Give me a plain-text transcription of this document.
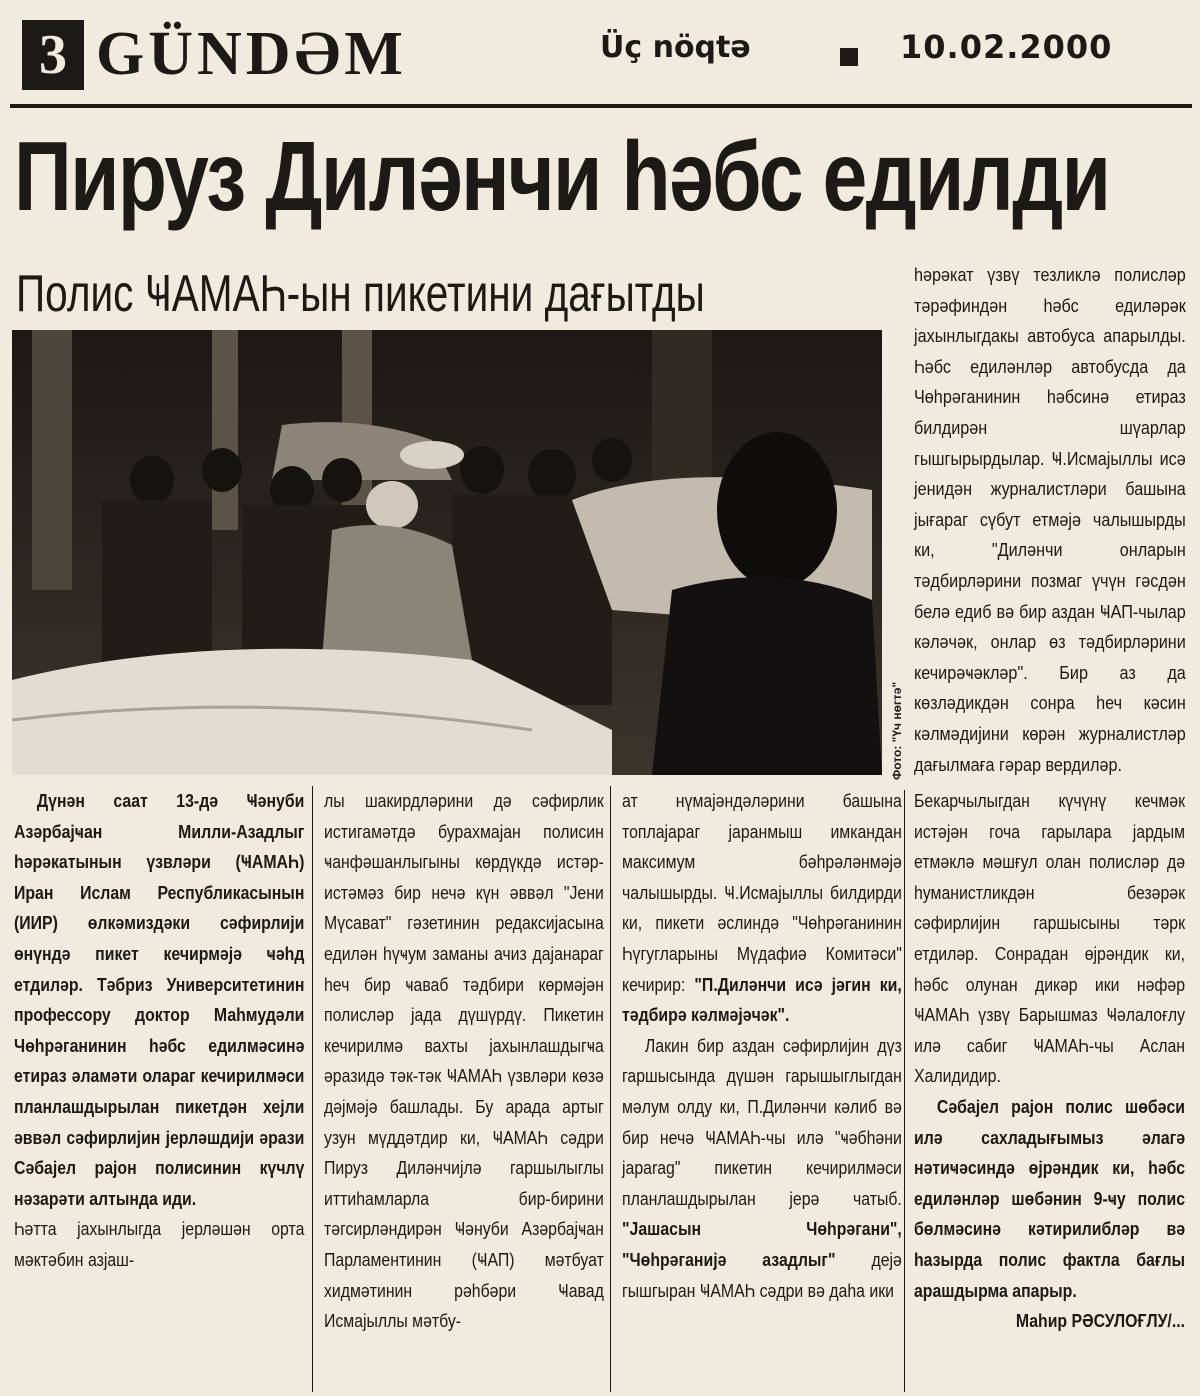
3 GÜNDƏM	Üç nöqtə	10.02.2000
Пируз Диләнчи һәбс едилди
Полис ҸАМАҺ-ын пикетини дағытды
Фото: "Үч нөгтә"

һәрәкат үзвү тезликлә полисләр тәрәфиндән һәбс едиләрәк јахынлыгдакы автобуса апарылды. Һәбс едиләнләр автобусда да Чөһрәганинин һәбсинә етираз билдирән шүарлар гышгырырдылар. Ҹ.Исмајыллы исә јенидән журналистләри башына јығараг сүбут етмәјә чалышырды ки, "Диләнчи онларын тәдбирләрини позмаг үчүн гәсдән белә едиб вә бир аздан ҸАП-чылар кәләчәк, онлар өз тәдбирләрини кечирәҹәкләр". Бир аз да көзләдикдән сонра һеч кәсин кәлмәдијини көрән журналистләр дағылмаға гәрар вердиләр.

Дүнән саат 13-дә Ҹәнуби Азәрбајҹан Милли-Азадлыг һәрәкатынын үзвләри (ҸАМАҺ) Иран Ислам Республикасынын (ИИР) өлкәмиздәки сәфирлији өнүндә пикет кечирмәјә ҹәһд етдиләр. Тәбриз Университетинин профессору доктор Маһмудәли Чөһрәганинин һәбс едилмәсинә етираз әламәти олараг кечирилмәси планлашдырылан пикетдән хејли әввәл сәфирлијин јерләшдији әрази Сәбајел рајон полисинин күчлү нәзарәти алтында иди.

Һәтта јахынлыгда јерләшән орта мәктәбин азјаш-

лы шакирдләрини дә сәфирлик истигамәтдә бурахмајан полисин ҹанфәшанлыгыны көрдүкдә истәр-истәмәз бир нечә күн әввәл "Јени Мүсават" гәзетинин редаксијасына едилән һүҹум заманы ачиз дајанараг һеч бир ҹаваб тәдбири көрмәјән полисләр јада дүшүрдү. Пикетин кечирилмә вахты јахынлашдыгҹа әразидә тәк-тәк ҸАМАҺ үзвләри көзә дәјмәјә башлады. Бу арада артыг узун мүддәтдир ки, ҸАМАҺ сәдри Пируз Диләнчијлә гаршылыглы иттиһамларла бир-бирини тәгсирләндирән Ҹәнуби Азәрбајҹан Парламентинин (ҸАП) мәтбуат хидмәтинин рәһбәри Ҹавад Исмајыллы мәтбу-

ат нүмајәндәләрини башына топлајараг јаранмыш имкандан максимум бәһрәләнмәјә чалышырды. Ҹ.Исмајыллы билдирди ки, пикети әслиндә "Чөһрәганинин Һүгугларыны Мүдафиә Комитәси" кечирир: "П.Диләнчи исә јәгин ки, тәдбирә кәлмәјәчәк".

Лакин бир аздан сәфирлијин дүз гаршысында дүшән гарышыглыгдан мәлум олду ки, П.Диләнчи кәлиб вә бир нечә ҸАМАҺ-чы илә "ҹәбһәни јараrag" пикетин кечирилмәси планлашдырылан јерә чатыб. "Јашасын Чөһрәгани", "Чөһрәганијә азадлыг" дејә гышгыран ҸАМАҺ сәдри вә даһа ики

Бекарчылыгдан күчүнү кечмәк истәјән гоча гарылара јардым етмәклә мәшғул олан полисләр дә һуманистликдән безәрәк сәфирлијин гаршысыны тәрк етдиләр. Сонрадан өјрәндик ки, һәбс олунан дикәр ики нәфәр ҸАМАҺ үзвү Барышмаз Ҹәлалоғлу илә сабиг ҸАМАҺ-чы Аслан Халидидир.

Сәбајел рајон полис шөбәси илә сахладығымыз әлагә нәтиҹәсиндә өјрәндик ки, һәбс едиләнләр шөбәнин 9-ҹу полис бөлмәсинә кәтирилибләр вә һазырда полис фактла бағлы арашдырма апарыр.

Маһир РӘСУЛОҒЛУ/...
